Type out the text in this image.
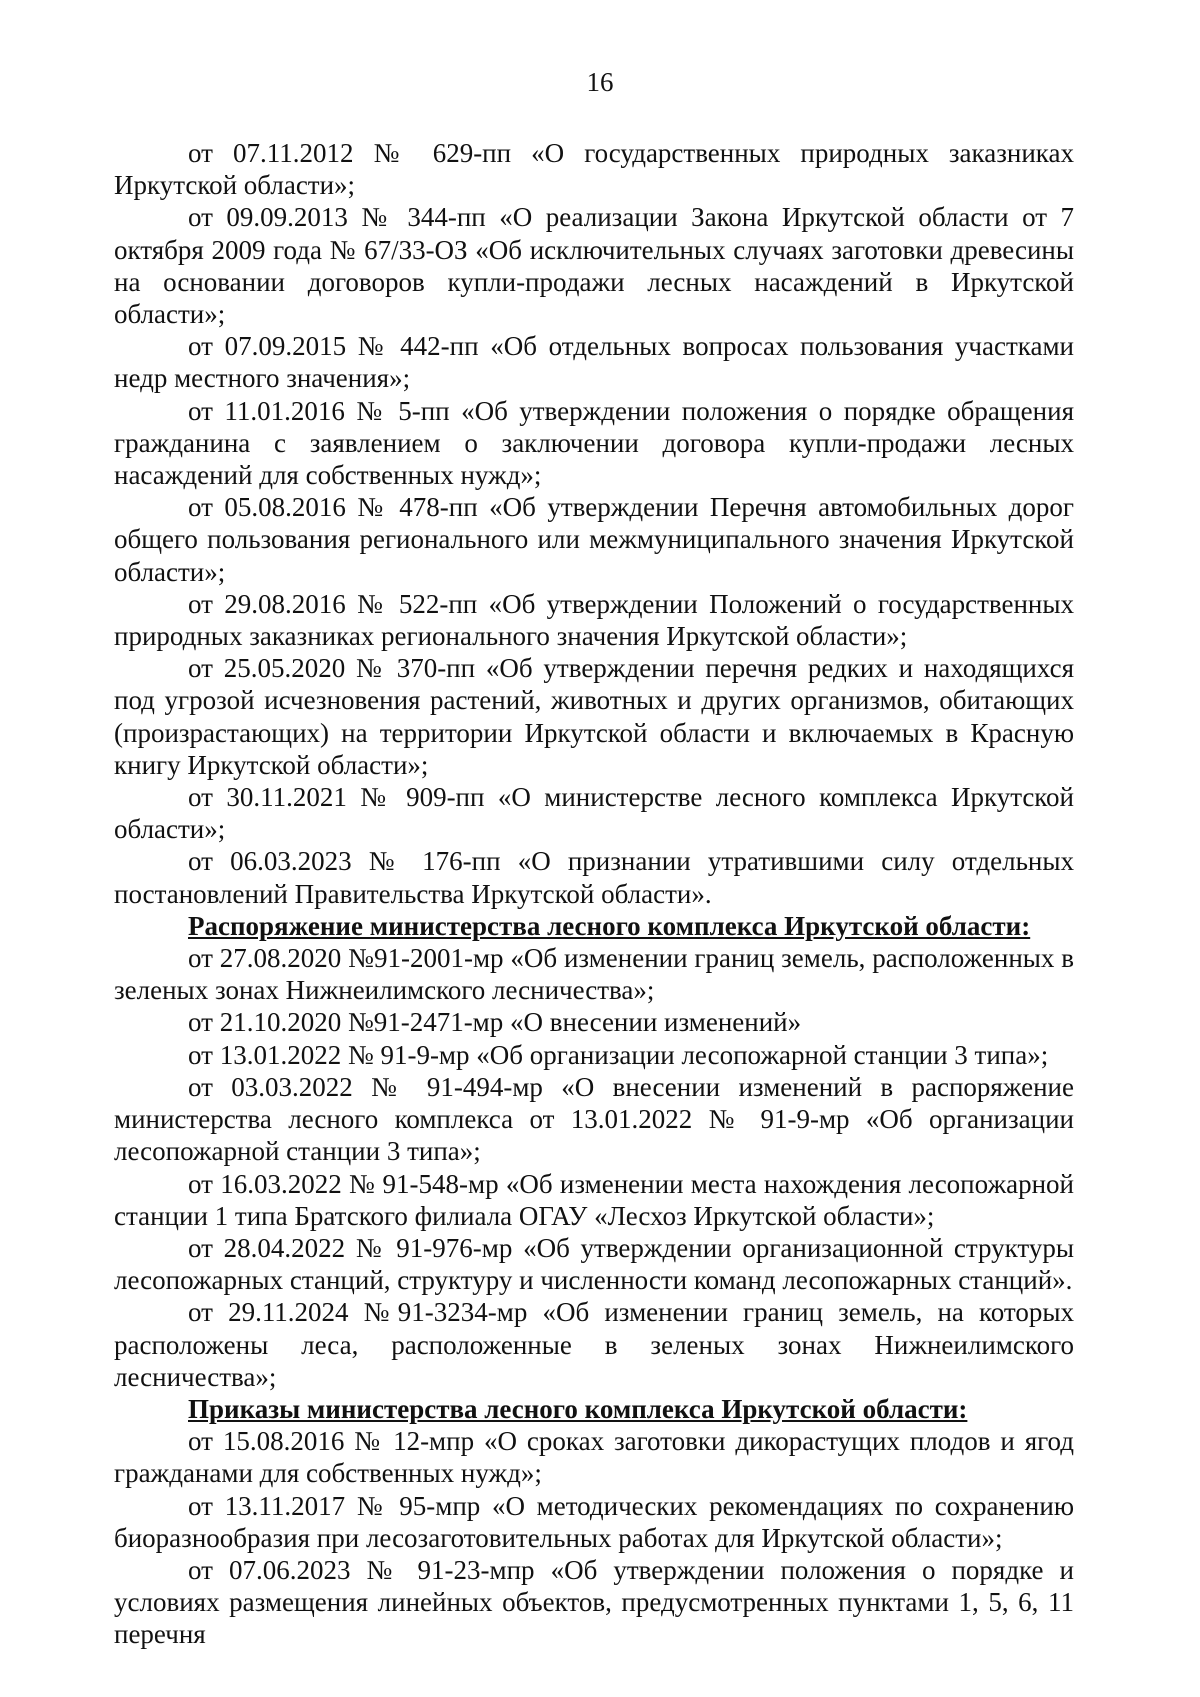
16

от 07.11.2012 № 629-пп «О государственных природных заказниках Иркутской области»;

от 09.09.2013 № 344-пп «О реализации Закона Иркутской области от 7 октября 2009 года № 67/33-ОЗ «Об исключительных случаях заготовки древесины на основании договоров купли-продажи лесных насаждений в Иркутской области»;

от 07.09.2015 № 442-пп «Об отдельных вопросах пользования участками недр местного значения»;

от 11.01.2016 № 5-пп «Об утверждении положения о порядке обращения гражданина с заявлением о заключении договора купли-продажи лесных насаждений для собственных нужд»;

от 05.08.2016 № 478-пп «Об утверждении Перечня автомобильных дорог общего пользования регионального или межмуниципального значения Иркутской области»;

от 29.08.2016 № 522-пп «Об утверждении Положений о государственных природных заказниках регионального значения Иркутской области»;

от 25.05.2020 № 370-пп «Об утверждении перечня редких и находящихся под угрозой исчезновения растений, животных и других организмов, обитающих (произрастающих) на территории Иркутской области и включаемых в Красную книгу Иркутской области»;

от 30.11.2021 № 909-пп «О министерстве лесного комплекса Иркутской области»;

от 06.03.2023 № 176-пп «О признании утратившими силу отдельных постановлений Правительства Иркутской области».

Распоряжение министерства лесного комплекса Иркутской области:

от 27.08.2020 №91-2001-мр «Об изменении границ земель, расположенных в зеленых зонах Нижнеилимского лесничества»;

от 21.10.2020 №91-2471-мр «О внесении изменений»

от 13.01.2022 № 91-9-мр «Об организации лесопожарной станции 3 типа»;

от 03.03.2022 № 91-494-мр «О внесении изменений в распоряжение министерства лесного комплекса от 13.01.2022 № 91-9-мр «Об организации лесопожарной станции 3 типа»;

от 16.03.2022 № 91-548-мр «Об изменении места нахождения лесопожарной станции 1 типа Братского филиала ОГАУ «Лесхоз Иркутской области»;

от 28.04.2022 № 91-976-мр «Об утверждении организационной структуры лесопожарных станций, структуру и численности команд лесопожарных станций».

от 29.11.2024 №91-3234-мр «Об изменении границ земель, на которых расположены леса, расположенные в зеленых зонах Нижнеилимского лесничества»;

Приказы министерства лесного комплекса Иркутской области:

от 15.08.2016 № 12-мпр «О сроках заготовки дикорастущих плодов и ягод гражданами для собственных нужд»;

от 13.11.2017 № 95-мпр «О методических рекомендациях по сохранению биоразнообразия при лесозаготовительных работах для Иркутской области»;

от 07.06.2023 № 91-23-мпр «Об утверждении положения о порядке и условиях размещения линейных объектов, предусмотренных пунктами 1, 5, 6, 11 перечня
